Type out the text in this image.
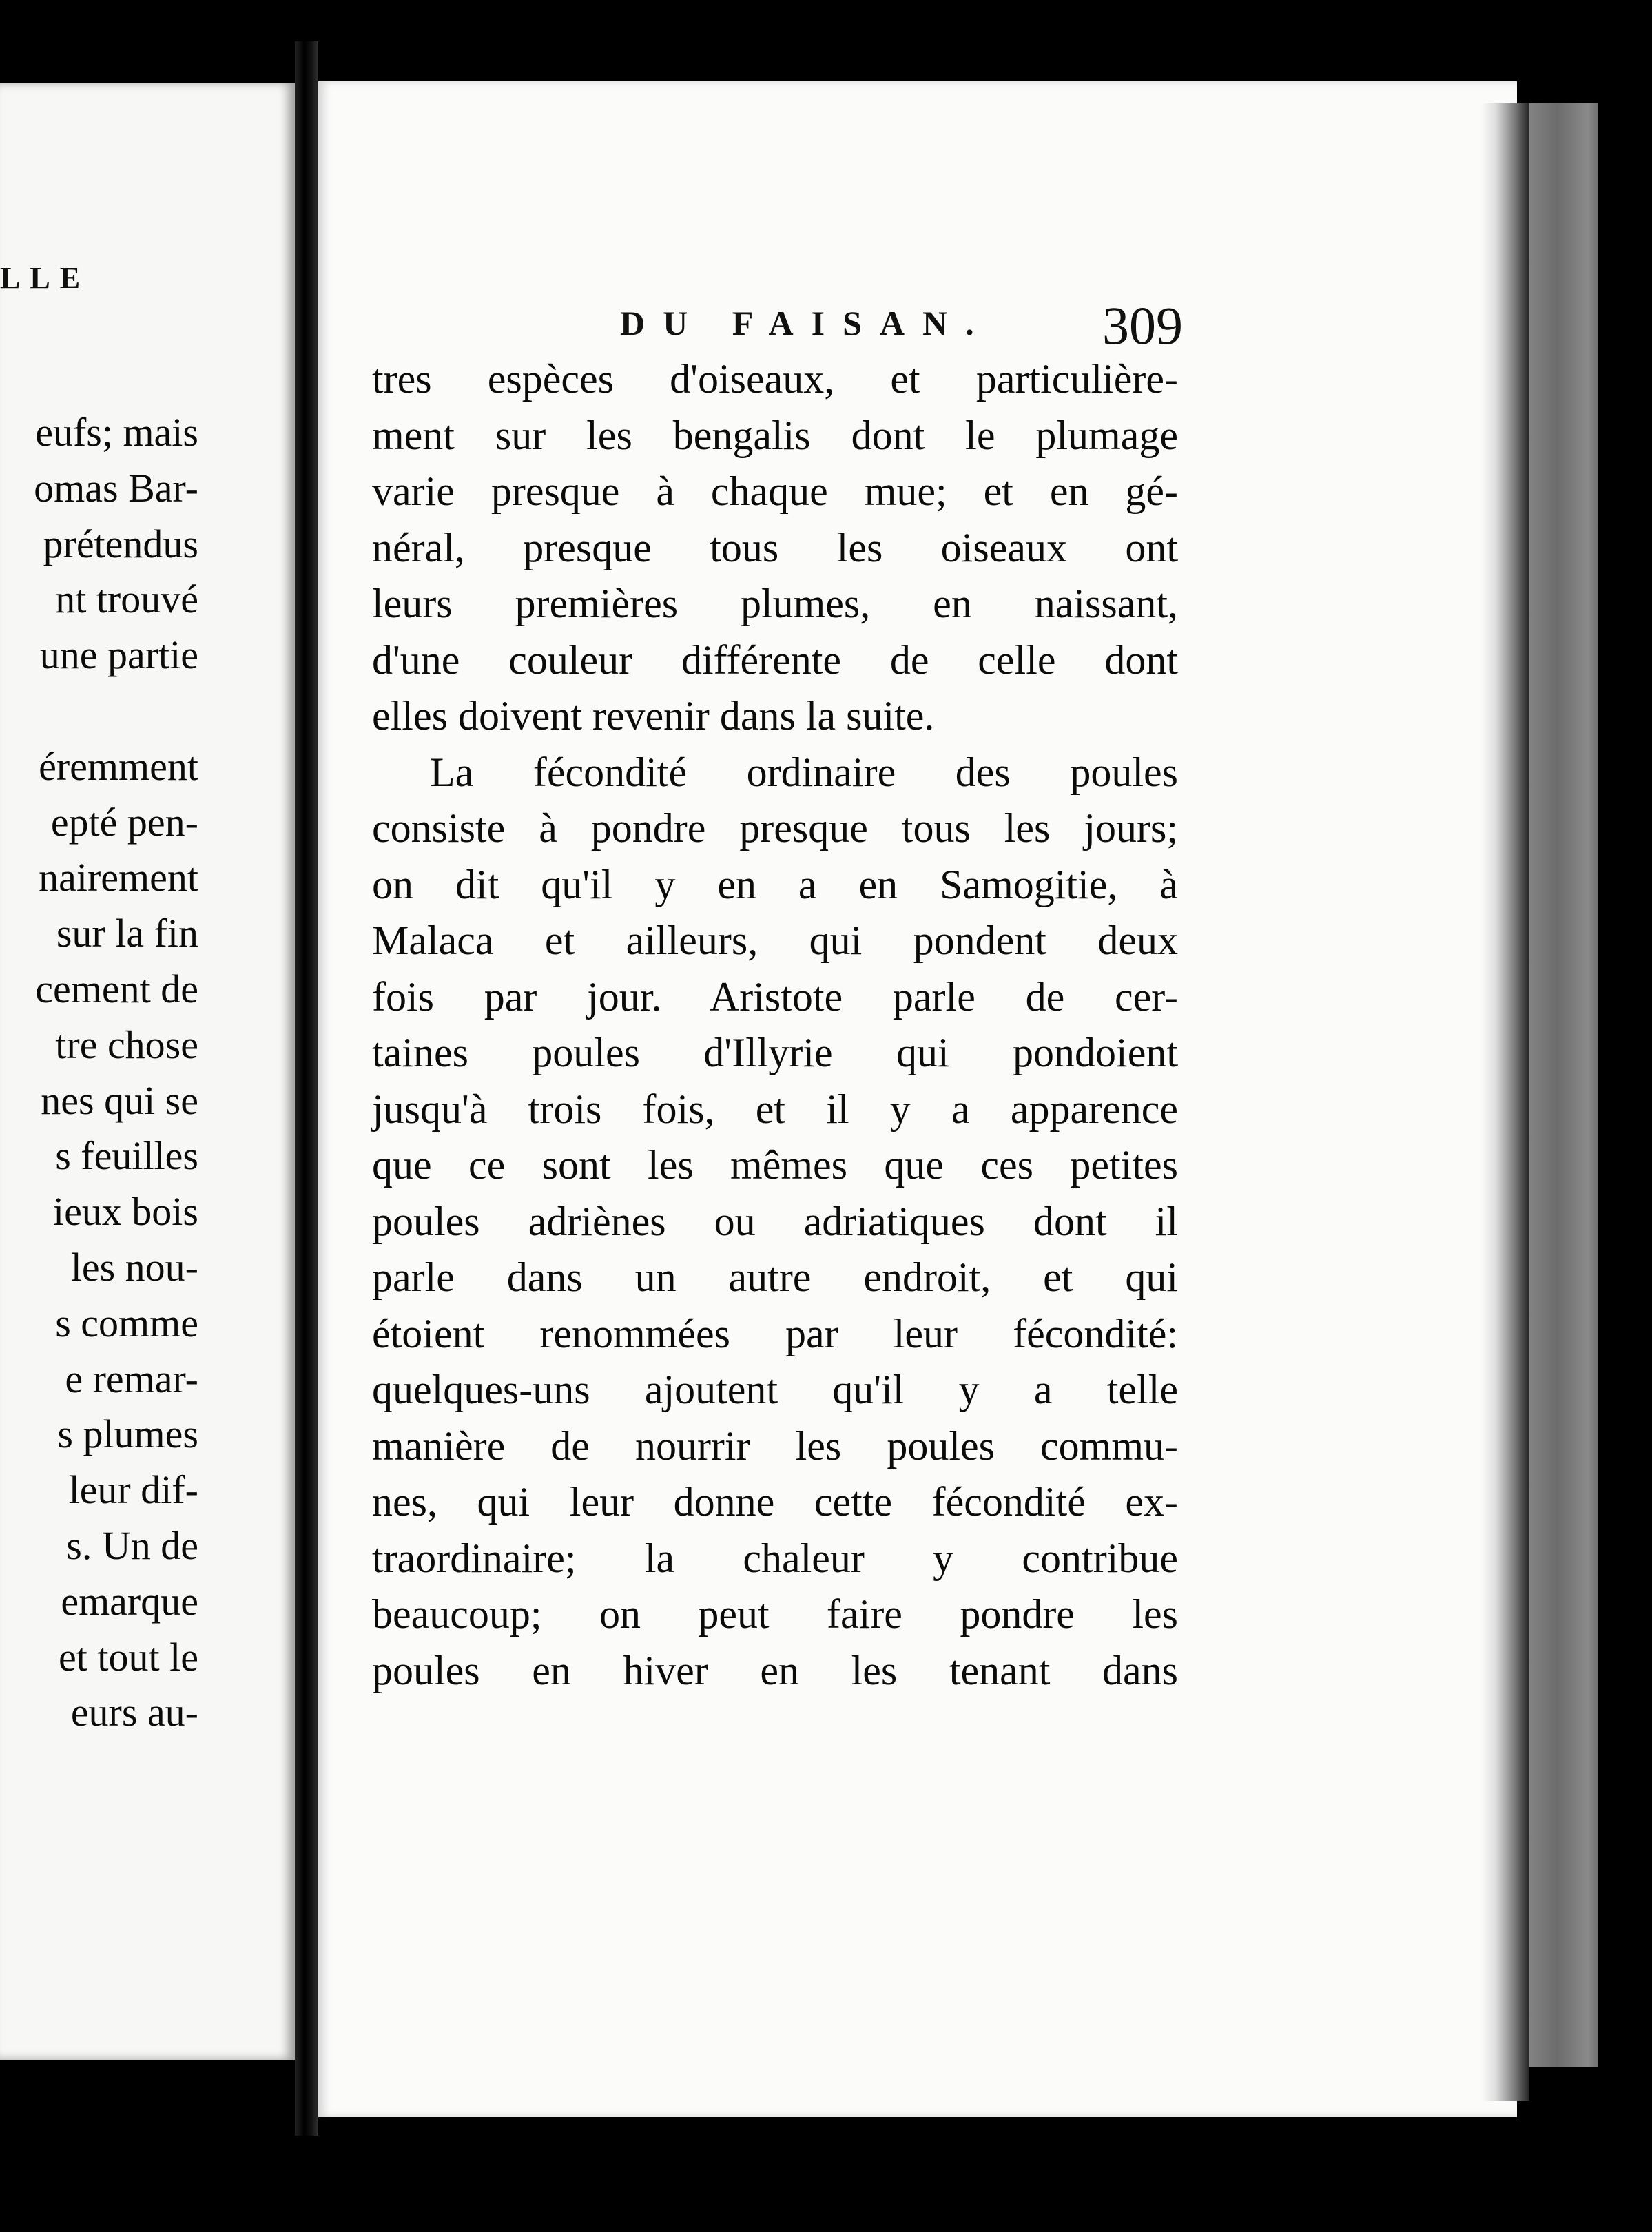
LLE
eufs; mais
omas Bar-
prétendus
nt trouvé
une partie
éremment
epté pen-
nairement
sur la fin
cement de
tre chose
nes qui se
s feuilles
ieux bois
les nou-
s comme
e remar-
s plumes
leur dif-
s. Un de
emarque
et tout le
eurs au-
DU FAISAN. 309
tres espèces d'oiseaux, et particulière-
ment sur les bengalis dont le plumage
varie presque à chaque mue; et en gé-
néral, presque tous les oiseaux ont
leurs premières plumes, en naissant,
d'une couleur différente de celle dont
elles doivent revenir dans la suite.
La fécondité ordinaire des poules
consiste à pondre presque tous les jours;
on dit qu'il y en a en Samogitie, à
Malaca et ailleurs, qui pondent deux
fois par jour. Aristote parle de cer-
taines poules d'Illyrie qui pondoient
jusqu'à trois fois, et il y a apparence
que ce sont les mêmes que ces petites
poules adriènes ou adriatiques dont il
parle dans un autre endroit, et qui
étoient renommées par leur fécondité:
quelques-uns ajoutent qu'il y a telle
manière de nourrir les poules commu-
nes, qui leur donne cette fécondité ex-
traordinaire; la chaleur y contribue
beaucoup; on peut faire pondre les
poules en hiver en les tenant dans
